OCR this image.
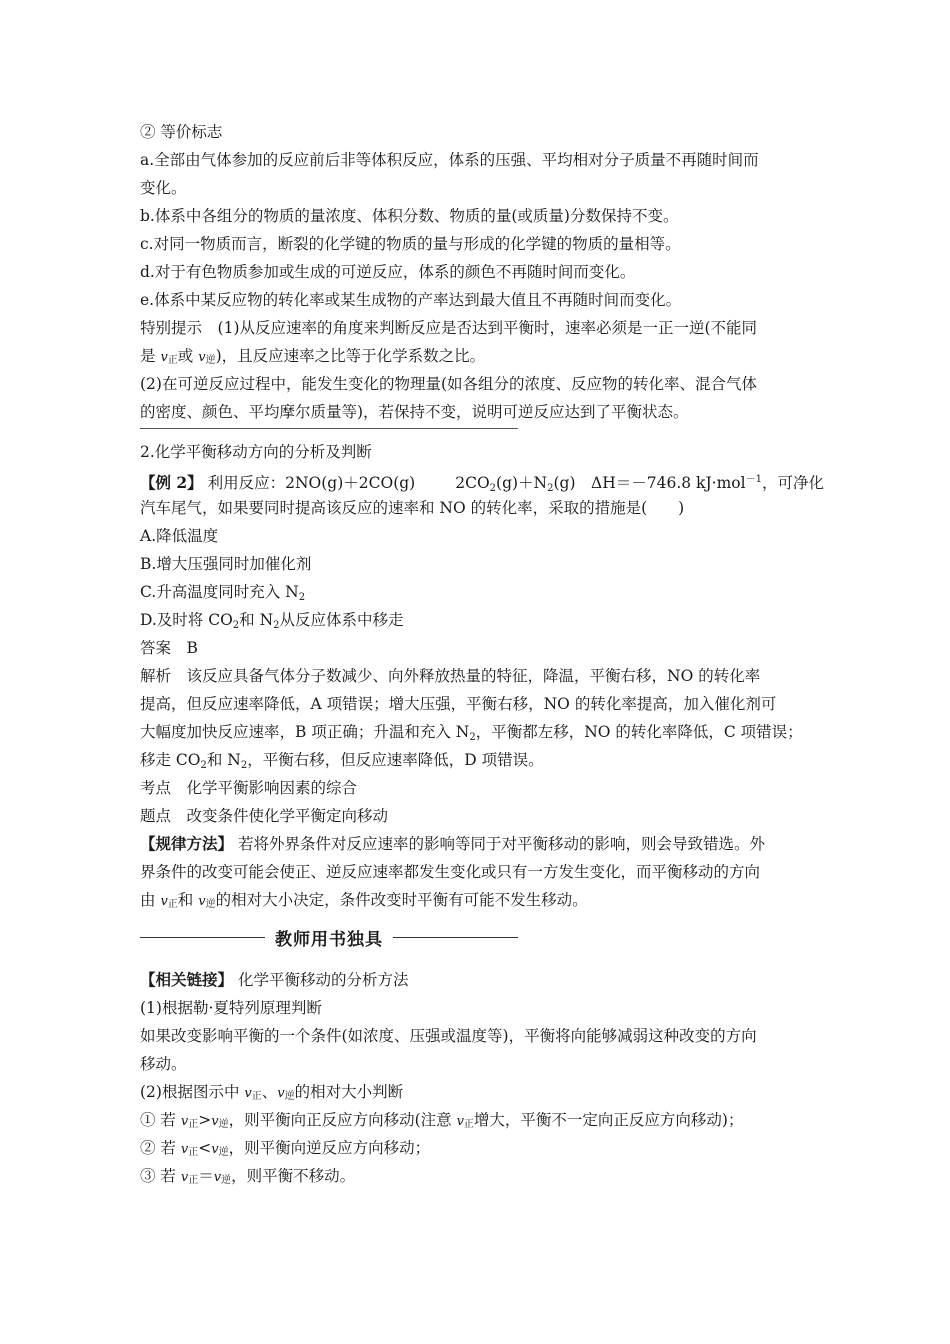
② 等价标志
a.全部由气体参加的反应前后非等体积反应，体系的压强、平均相对分子质量不再随时间而
变化。
b.体系中各组分的物质的量浓度、体积分数、物质的量(或质量)分数保持不变。
c.对同一物质而言，断裂的化学键的物质的量与形成的化学键的物质的量相等。
d.对于有色物质参加或生成的可逆反应，体系的颜色不再随时间而变化。
e.体系中某反应物的转化率或某生成物的产率达到最大值且不再随时间而变化。
特别提示　 (1)从反应速率的角度来判断反应是否达到平衡时，速率必须是一正一逆(不能同
是 v正或 v逆)，且反应速率之比等于化学系数之比。
(2)在可逆反应过程中，能发生变化的物理量(如各组分的浓度、反应物的转化率、混合气体
的密度、颜色、平均摩尔质量等)，若保持不变，说明可逆反应达到了平衡状态。
2.化学平衡移动方向的分析及判断
【例 2】 利用反应：2NO(g)＋2CO(g)	$2CO_2(g)+N_2(g)$　 ΔH＝－746.8 kJ·mol$^{-1}$，可净化
汽车尾气，如果要同时提高该反应的速率和 NO 的转化率，采取的措施是(　　)
A.降低温度
B.增大压强同时加催化剂
C.升高温度同时充入 $N_2$
D.及时将 $CO_2$和 $N_2$从反应体系中移走
答案　B
解析　该反应具备气体分子数减少、向外释放热量的特征，降温，平衡右移，NO 的转化率
提高，但反应速率降低，A 项错误；增大压强，平衡右移，NO 的转化率提高，加入催化剂可
大幅度加快反应速率，B 项正确；升温和充入 $N_2$，平衡都左移，NO 的转化率降低，C 项错误；
移走 $CO_2$和 $N_2$，平衡右移，但反应速率降低，D 项错误。
考点　化学平衡影响因素的综合
题点　改变条件使化学平衡定向移动
【规律方法】 若将外界条件对反应速率的影响等同于对平衡移动的影响，则会导致错选。外
界条件的改变可能会使正、逆反应速率都发生变化或只有一方发生变化，而平衡移动的方向
由 v正和 v逆的相对大小决定，条件改变时平衡有可能不发生移动。
教师用书独具
【相关链接】 化学平衡移动的分析方法
(1)根据勒·夏特列原理判断
如果改变影响平衡的一个条件(如浓度、压强或温度等)，平衡将向能够减弱这种改变的方向
移动。
(2)根据图示中 v正、v逆的相对大小判断
① 若 v正>v逆，则平衡向正反应方向移动(注意 v正增大，平衡不一定向正反应方向移动)；
② 若 v正<v逆，则平衡向逆反应方向移动；
③ 若 v正＝v逆，则平衡不移动。
